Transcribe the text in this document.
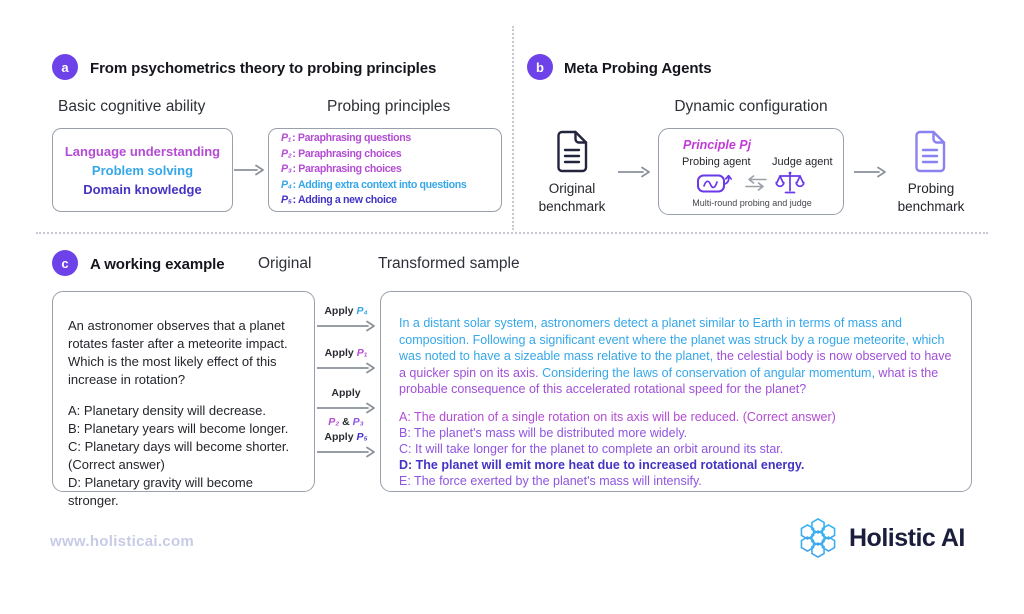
a	From psychometrics theory to probing principles
Basic cognitive ability	Probing principles
Language understanding
Problem solving
Domain knowledge
P₁: Paraphrasing questions
P₂: Paraphrasing choices
P₃: Paraphrasing choices
P₄: Adding extra context into questions
P₅: Adding a new choice
b	Meta Probing Agents
Dynamic configuration
Original benchmark
Principle Pj
Probing agent Judge agent
Multi-round probing and judge
Probing benchmark
c	A working example Original	Transformed sample
An astronomer observes that a planet rotates faster after a meteorite impact. Which is the most likely effect of this increase in rotation?
A: Planetary density will decrease.
B: Planetary years will become longer.
C: Planetary days will become shorter. (Correct answer)
D: Planetary gravity will become stronger.
Apply P₄
Apply P₁
Apply
P₂ & P₃
Apply P₅
In a distant solar system, astronomers detect a planet similar to Earth in terms of mass and composition. Following a significant event where the planet was struck by a rogue meteorite, which was noted to have a sizeable mass relative to the planet, the celestial body is now observed to have a quicker spin on its axis. Considering the laws of conservation of angular momentum, what is the probable consequence of this accelerated rotational speed for the planet?
A: The duration of a single rotation on its axis will be reduced. (Correct answer)
B: The planet's mass will be distributed more widely.
C: It will take longer for the planet to complete an orbit around its star.
D: The planet will emit more heat due to increased rotational energy.
E: The force exerted by the planet's mass will intensify.
www.holisticai.com	Holistic AI
